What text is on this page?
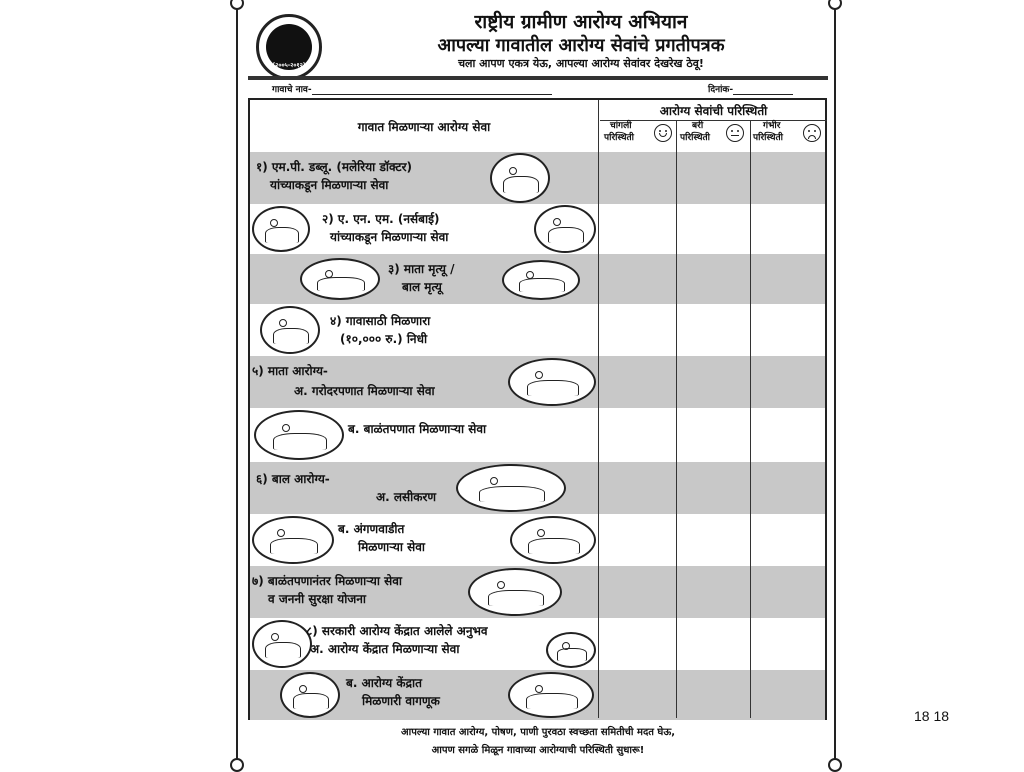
(२००५-२०१२)
राष्ट्रीय ग्रामीण आरोग्य अभियान
आपल्या गावातील आरोग्य सेवांचे प्रगतीपत्रक
चला आपण एकत्र येऊ, आपल्या आरोग्य सेवांवर देखरेख ठेवू!
गावाचे नाव-	दिनांक-
गावात मिळणाऱ्या आरोग्य सेवा
आरोग्य सेवांची परिस्थिती
चांगली
परिस्थिती
बरी
परिस्थिती
गंभीर
परिस्थिती
१) एम.पी. डब्लू. (मलेरिया डॉक्टर)
यांच्याकडून मिळणाऱ्या सेवा
२) ए. एन. एम. (नर्सबाई)
यांच्याकडून मिळणाऱ्या सेवा
३) माता मृत्यू /
बाल मृत्यू
४) गावासाठी मिळणारा
(१०,००० रु.) निधी
५) माता आरोग्य-
अ. गरोदरपणात मिळणाऱ्या सेवा
ब. बाळंतपणात मिळणाऱ्या सेवा
६) बाल आरोग्य-
अ. लसीकरण
ब. अंगणवाडीत
मिळणाऱ्या सेवा
७) बाळंतपणानंतर मिळणाऱ्या सेवा
व जननी सुरक्षा योजना
८) सरकारी आरोग्य केंद्रात आलेले अनुभव
अ. आरोग्य केंद्रात मिळणाऱ्या सेवा
ब. आरोग्य केंद्रात
मिळणारी वागणूक
आपल्या गावात आरोग्य, पोषण, पाणी पुरवठा स्वच्छता समितीची मदत घेऊ,
आपण सगळे मिळून गावाच्या आरोग्याची परिस्थिती सुधारू!
18 18
